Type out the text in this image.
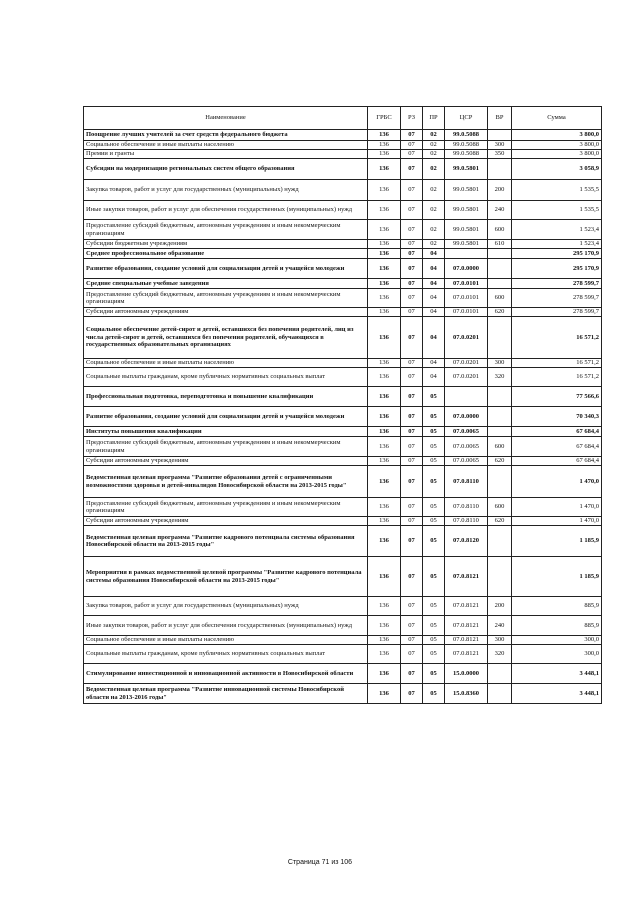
Наименование	ГРБС	РЗ	ПР	ЦСР	ВР	Сумма
Поощрение лучших учителей за счет средств федерального бюджета	136	07	02	99.0.5088		3 800,0
Социальное обеспечение и иные выплаты населению	136	07	02	99.0.5088	300	3 800,0
Премии и гранты	136	07	02	99.0.5088	350	3 800,0
Субсидии на модернизацию региональных систем общего образования	136	07	02	99.0.5801		3 058,9
Закупка товаров, работ и услуг для государственных (муниципальных) нужд	136	07	02	99.0.5801	200	1 535,5
Иные закупки товаров, работ и услуг для обеспечения государственных (муниципальных) нужд	136	07	02	99.0.5801	240	1 535,5
Предоставление субсидий бюджетным, автономным учреждениям и иным некоммерческим организациям	136	07	02	99.0.5801	600	1 523,4
Субсидии бюджетным учреждениям	136	07	02	99.0.5801	610	1 523,4
Среднее профессиональное образование	136	07	04			295 170,9
Развитие образования, создание условий для социализации детей и учащейся молодежи	136	07	04	07.0.0000		295 170,9
Средние специальные учебные заведения	136	07	04	07.0.0101		278 599,7
Предоставление субсидий бюджетным, автономным учреждениям и иным некоммерческим организациям	136	07	04	07.0.0101	600	278 599,7
Субсидии автономным учреждениям	136	07	04	07.0.0101	620	278 599,7
Социальное обеспечение детей-сирот и детей, оставшихся без попечения родителей, лиц из числа детей-сирот и детей, оставшихся без попечения родителей, обучающихся в государственных образовательных организациях	136	07	04	07.0.0201		16 571,2
Социальное обеспечение и иные выплаты населению	136	07	04	07.0.0201	300	16 571,2
Социальные выплаты гражданам, кроме публичных нормативных социальных выплат	136	07	04	07.0.0201	320	16 571,2
Профессиональная подготовка, переподготовка и повышение квалификации	136	07	05			77 566,6
Развитие образования, создание условий для социализации детей и учащейся молодежи	136	07	05	07.0.0000		70 340,3
Институты повышения квалификации	136	07	05	07.0.0065		67 684,4
Предоставление субсидий бюджетным, автономным учреждениям и иным некоммерческим организациям	136	07	05	07.0.0065	600	67 684,4
Субсидии автономным учреждениям	136	07	05	07.0.0065	620	67 684,4
Ведомственная целевая программа "Развитие образования детей с ограниченными возможностями здоровья и детей-инвалидов Новосибирской области на 2013-2015 годы"	136	07	05	07.0.8110		1 470,0
Предоставление субсидий бюджетным, автономным учреждениям и иным некоммерческим организациям	136	07	05	07.0.8110	600	1 470,0
Субсидии автономным учреждениям	136	07	05	07.0.8110	620	1 470,0
Ведомственная целевая программа "Развитие кадрового потенциала системы образования Новосибирской области на 2013-2015 годы"	136	07	05	07.0.8120		1 185,9
Мероприятия в рамках ведомственной целевой программы "Развитие кадрового потенциала системы образования Новосибирской области на 2013-2015 годы"	136	07	05	07.0.8121		1 185,9
Закупка товаров, работ и услуг для государственных (муниципальных) нужд	136	07	05	07.0.8121	200	885,9
Иные закупки товаров, работ и услуг для обеспечения государственных (муниципальных) нужд	136	07	05	07.0.8121	240	885,9
Социальное обеспечение и иные выплаты населению	136	07	05	07.0.8121	300	300,0
Социальные выплаты гражданам, кроме публичных нормативных социальных выплат	136	07	05	07.0.8121	320	300,0
Стимулирование инвестиционной и инновационной активности в Новосибирской области	136	07	05	15.0.0000		3 448,1
Ведомственная целевая программа "Развитие инновационной системы Новосибирской области на 2013-2016 годы"	136	07	05	15.0.8360		3 448,1
Страница 71 из 106
